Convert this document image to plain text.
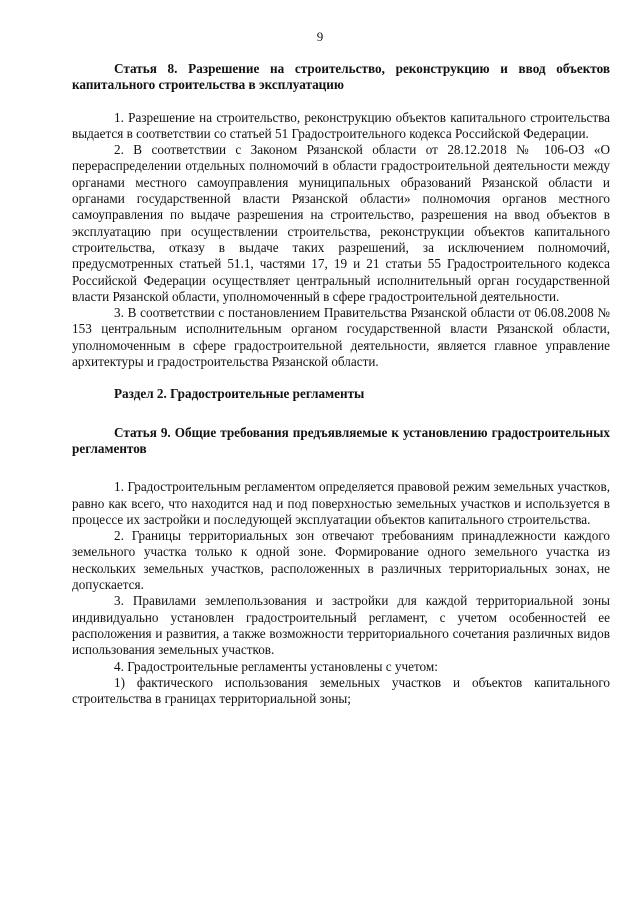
9

Статья 8. Разрешение на строительство, реконструкцию и ввод объектов капитального строительства в эксплуатацию

1. Разрешение на строительство, реконструкцию объектов капитального строительства выдается в соответствии со статьей 51 Градостроительного кодекса Российской Федерации.

2. В соответствии с Законом Рязанской области от 28.12.2018 № 106-ОЗ «О перераспределении отдельных полномочий в области градостроительной деятельности между органами местного самоуправления муниципальных образований Рязанской области и органами государственной власти Рязанской области» полномочия органов местного самоуправления по выдаче разрешения на строительство, разрешения на ввод объектов в эксплуатацию при осуществлении строительства, реконструкции объектов капитального строительства, отказу в выдаче таких разрешений, за исключением полномочий, предусмотренных статьей 51.1, частями 17, 19 и 21 статьи 55 Градостроительного кодекса Российской Федерации осуществляет центральный исполнительный орган государственной власти Рязанской области, уполномоченный в сфере градостроительной деятельности.

3. В соответствии с постановлением Правительства Рязанской области от 06.08.2008 № 153 центральным исполнительным органом государственной власти Рязанской области, уполномоченным в сфере градостроительной деятельности, является главное управление архитектуры и градостроительства Рязанской области.

Раздел 2. Градостроительные регламенты

Статья 9. Общие требования предъявляемые к установлению градостроительных регламентов

1. Градостроительным регламентом определяется правовой режим земельных участков, равно как всего, что находится над и под поверхностью земельных участков и используется в процессе их застройки и последующей эксплуатации объектов капитального строительства.

2. Границы территориальных зон отвечают требованиям принадлежности каждого земельного участка только к одной зоне. Формирование одного земельного участка из нескольких земельных участков, расположенных в различных территориальных зонах, не допускается.

3. Правилами землепользования и застройки для каждой территориальной зоны индивидуально установлен градостроительный регламент, с учетом особенностей ее расположения и развития, а также возможности территориального сочетания различных видов использования земельных участков.

4. Градостроительные регламенты установлены с учетом:

1) фактического использования земельных участков и объектов капитального строительства в границах территориальной зоны;
